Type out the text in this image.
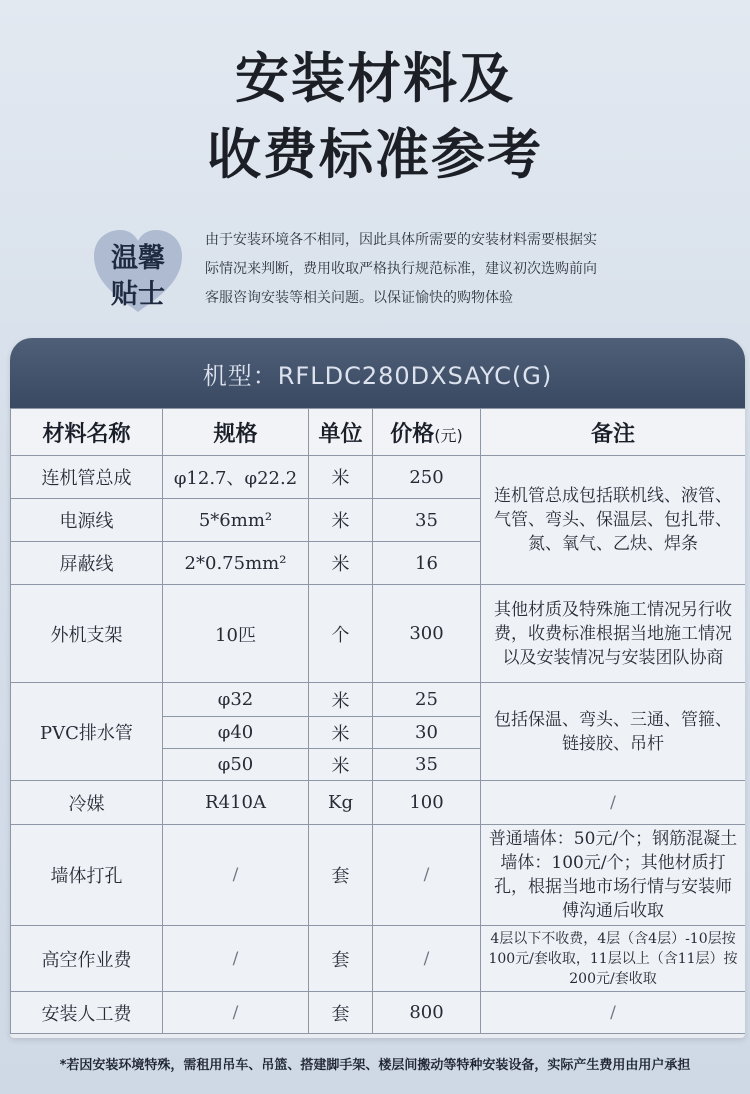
安装材料及
收费标准参考
温馨
贴士
由于安装环境各不相同，因此具体所需要的安装材料需要根据实
际情况来判断，费用收取严格执行规范标准，建议初次选购前向
客服咨询安装等相关问题。以保证愉快的购物体验
机型：RFLDC280DXSAYC(G)
材料名称	规格	单位	价格(元)	备注
连机管总成	φ12.7、φ22.2	米	250	连机管总成包括联机线、液管、气管、弯头、保温层、包扎带、氮、氧气、乙炔、焊条
电源线	5*6mm²	米	35	
屏蔽线	2*0.75mm²	米	16	
外机支架	10匹	个	300	其他材质及特殊施工情况另行收费，收费标准根据当地施工情况以及安装情况与安装团队协商
PVC排水管	φ32	米	25	包括保温、弯头、三通、管箍、链接胶、吊杆
	φ40	米	30	
	φ50	米	35	
冷媒	R410A	Kg	100	/
墙体打孔	/	套	/	普通墙体：50元/个；钢筋混凝土墙体：100元/个；其他材质打孔，根据当地市场行情与安装师傅沟通后收取
高空作业费	/	套	/	4层以下不收费，4层（含4层）-10层按100元/套收取，11层以上（含11层）按200元/套收取
安装人工费	/	套	800	/
*若因安装环境特殊，需租用吊车、吊篮、搭建脚手架、楼层间搬动等特种安装设备，实际产生费用由用户承担
